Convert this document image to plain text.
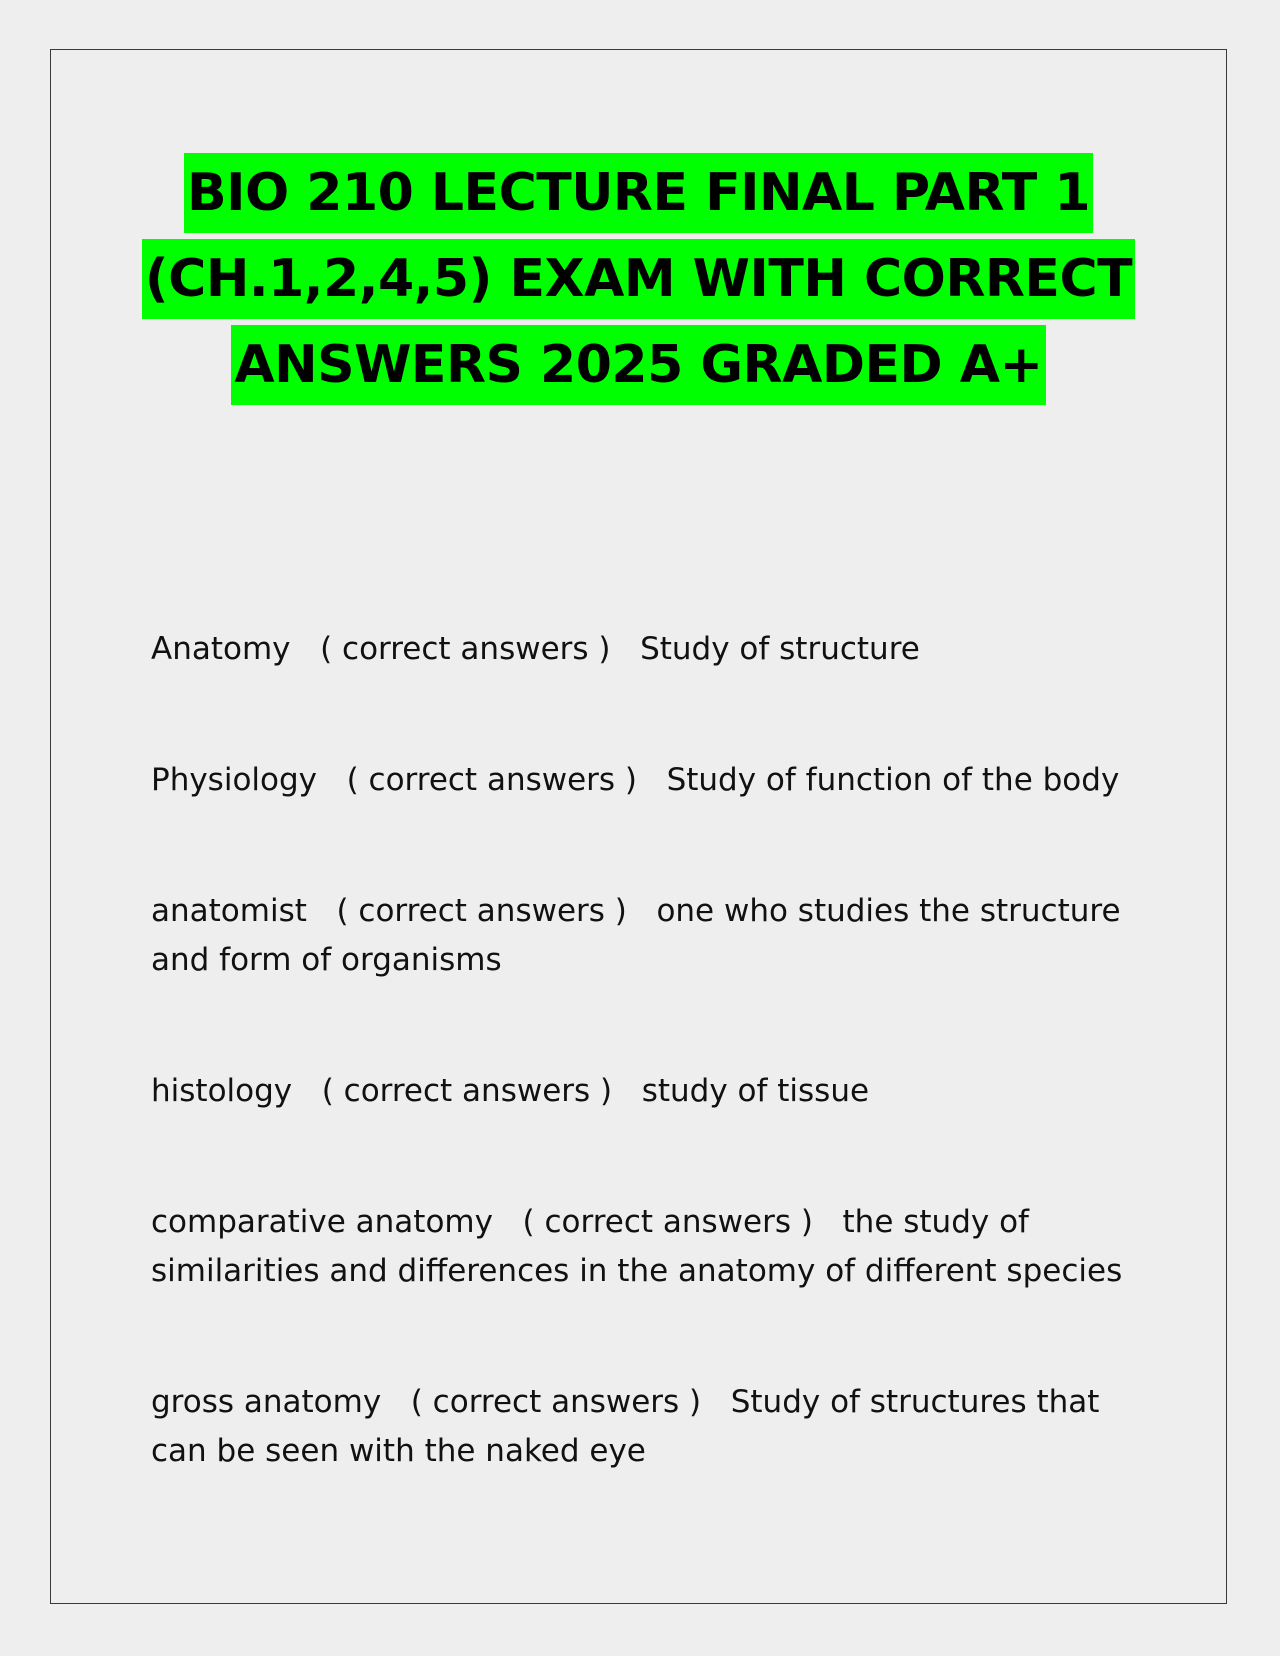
BIO 210 LECTURE FINAL PART 1
(CH.1,2,4,5) EXAM WITH CORRECT
ANSWERS 2025 GRADED A+
Anatomy   ( correct answers )   Study of structure
Physiology   ( correct answers )   Study of function of the body
anatomist   ( correct answers )   one who studies the structure and form of organisms
histology   ( correct answers )   study of tissue
comparative anatomy   ( correct answers )   the study of similarities and differences in the anatomy of different species
gross anatomy   ( correct answers )   Study of structures that can be seen with the naked eye
